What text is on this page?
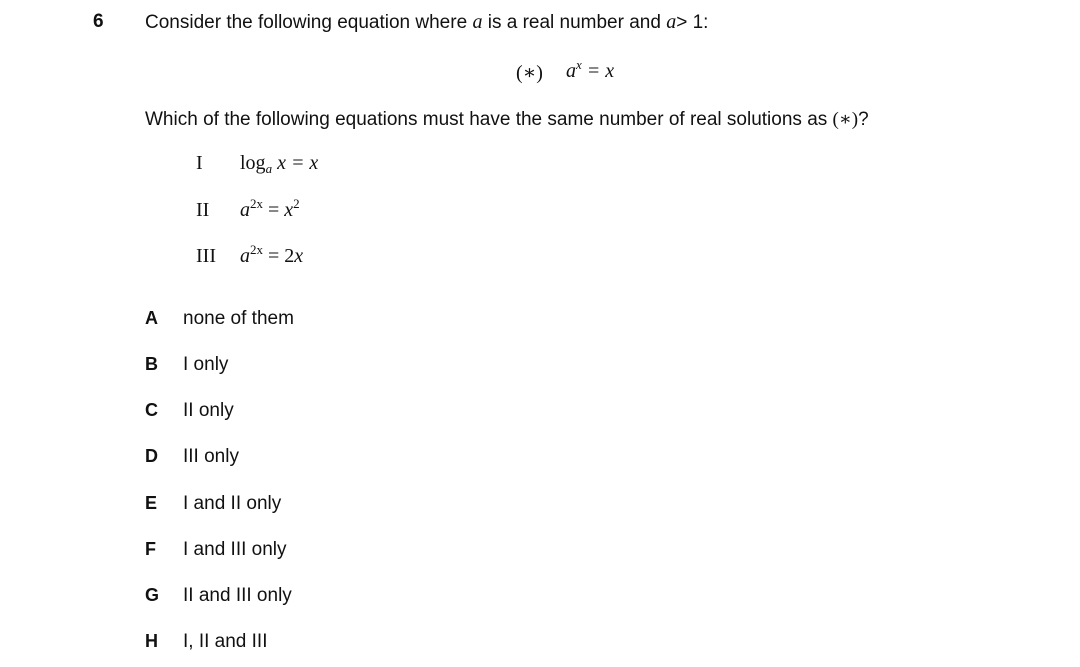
6 Consider the following equation where a is a real number and a> 1:
(∗) $a^x = x$
Which of the following equations must have the same number of real solutions as (∗)?
I $\log_a x = x$
II $a^{2x} = x^2$
III $a^{2x} = 2x$
A none of them
B I only
C II only
D III only
E I and II only
F I and III only
G II and III only
H I, II and III
